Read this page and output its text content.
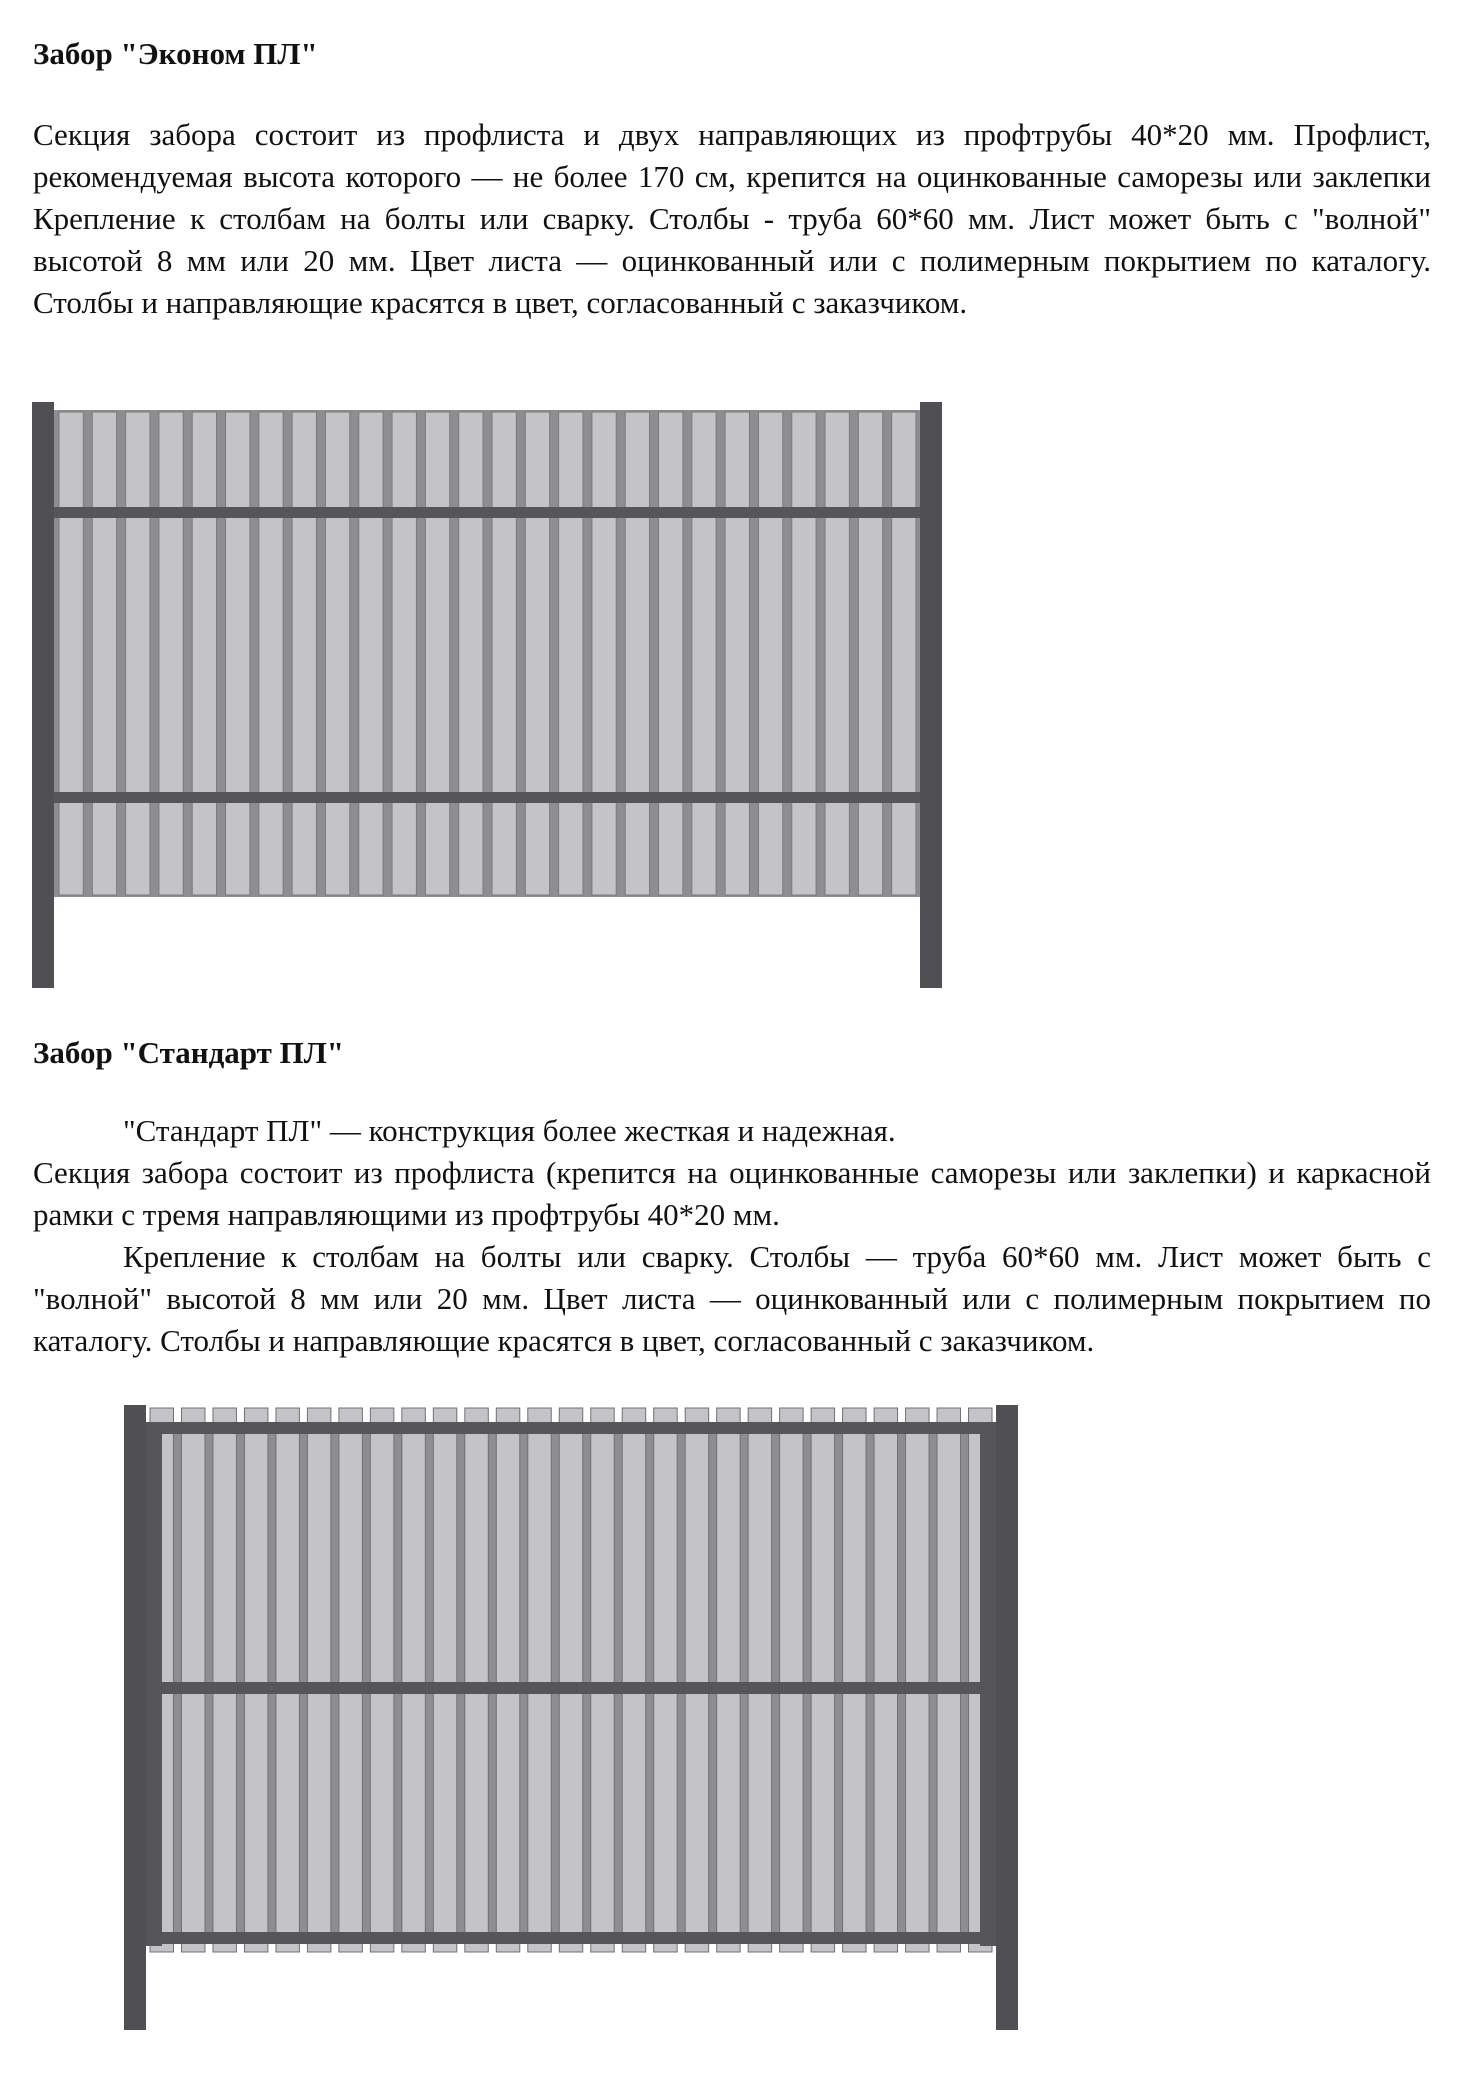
Забор "Эконом ПЛ"

Секция забора состоит из профлиста и двух направляющих из профтрубы 40*20 мм. Профлист, рекомендуемая высота которого — не более 170 см, крепится на оцинкованные саморезы или заклепки Крепление к столбам на болты или сварку. Столбы - труба 60*60 мм. Лист может быть с "волной" высотой 8 мм или 20 мм. Цвет листа — оцинкованный или с полимерным покрытием по каталогу. Столбы и направляющие красятся в цвет, согласованный с заказчиком.

Забор "Стандарт ПЛ"

"Стандарт ПЛ" — конструкция более жесткая и надежная.

Секция забора состоит из профлиста (крепится на оцинкованные саморезы или заклепки) и каркасной рамки с тремя направляющими из профтрубы 40*20 мм.

Крепление к столбам на болты или сварку. Столбы — труба 60*60 мм. Лист может быть с "волной" высотой 8 мм или 20 мм. Цвет листа — оцинкованный или с полимерным покрытием по каталогу. Столбы и направляющие красятся в цвет, согласованный с заказчиком.
